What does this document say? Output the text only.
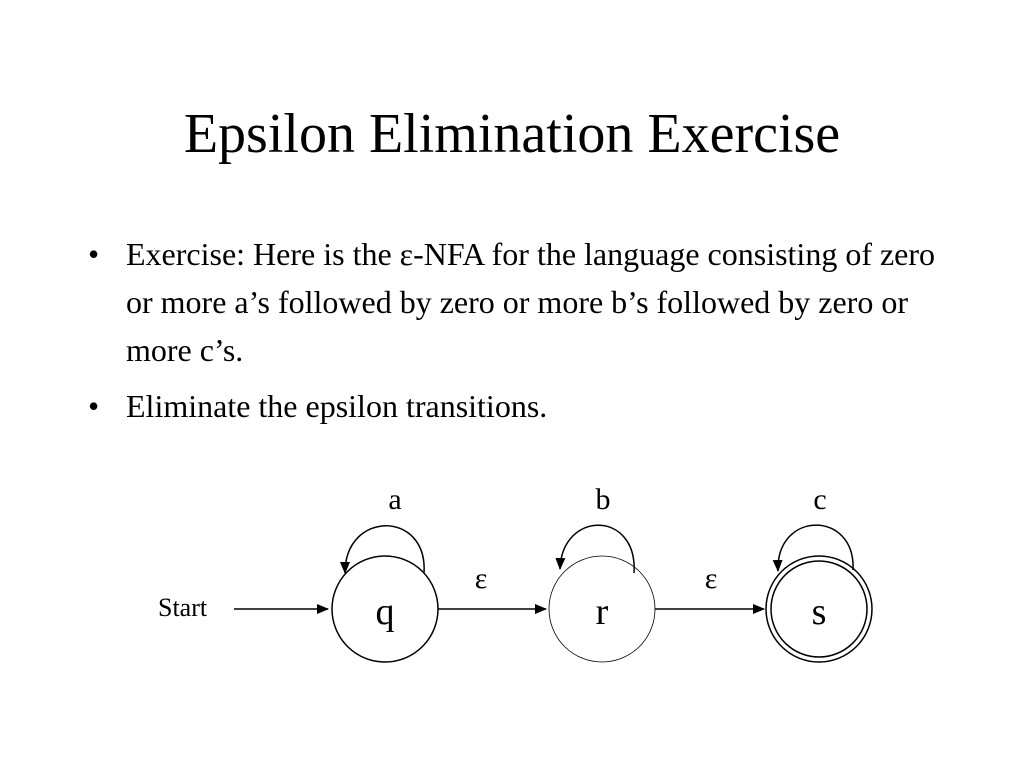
Epsilon Elimination Exercise
• Exercise: Here is the ε-NFA for the language consisting of zero or more a’s followed by zero or more b’s followed by zero or more c’s.
• Eliminate the epsilon transitions.
Start	q
a
ε
r
b
ε
s
c
